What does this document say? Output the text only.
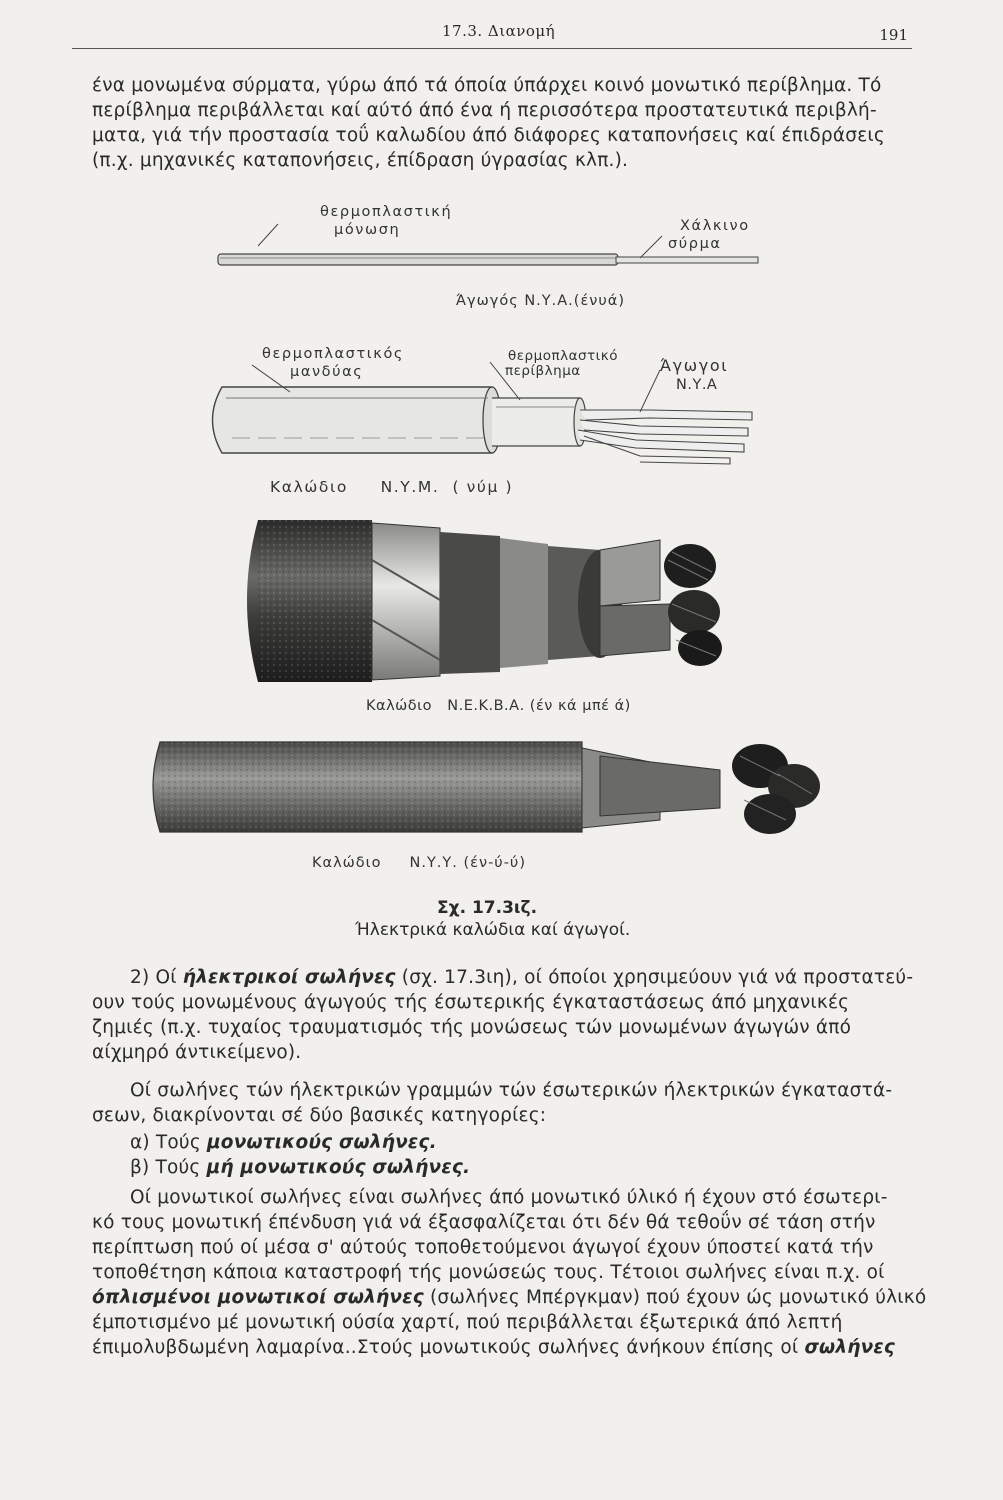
17.3. Διανομή	191
ένα μονωμένα σύρματα, γύρω άπό τά όποία ύπάρχει κοινό μονωτικό περίβλημα. Τό
περίβλημα περιβάλλεται καί αύτό άπό ένα ή περισσότερα προστατευτικά περιβλή-
ματα, γιά τήν προστασία τοΰ καλωδίου άπό διάφορες καταπονήσεις καί έπιδράσεις
(π.χ. μηχανικές καταπονήσεις, έπίδραση ύγρασίας κλπ.).
θερμοπλαστική
μόνωση	Χάλκινο
σύρμα
Άγωγός Ν.Υ.Α.(ένυά)
θερμοπλαστικός
μανδύας
θερμοπλαστικό
περίβλημα	Άγωγοι
Ν.Υ.Α
Καλώδιο     Ν.Υ.Μ.  ( νύμ )
Καλώδιο   Ν.Ε.Κ.Β.Α. (έν κά μπέ ά)
Καλώδιο     Ν.Υ.Υ. (έν-ύ-ύ)
Σχ. 17.3ιζ.
Ήλεκτρικά καλώδια καί άγωγοί.
2) Οί ήλεκτρικοί σωλήνες (σχ. 17.3ιη), οί όποίοι χρησιμεύουν γιά νά προστατεύ-
ουν τούς μονωμένους άγωγούς τής έσωτερικής έγκαταστάσεως άπό μηχανικές
ζημιές (π.χ. τυχαίος τραυματισμός τής μονώσεως τών μονωμένων άγωγών άπό
αίχμηρό άντικείμενο).
Οί σωλήνες τών ήλεκτρικών γραμμών τών έσωτερικών ήλεκτρικών έγκαταστά-
σεων, διακρίνονται σέ δύο βασικές κατηγορίες:
α) Τούς μονωτικούς σωλήνες.
β) Τούς μή μονωτικούς σωλήνες.
Οί μονωτικοί σωλήνες είναι σωλήνες άπό μονωτικό ύλικό ή έχουν στό έσωτερι-
κό τους μονωτική έπένδυση γιά νά έξασφαλίζεται ότι δέν θά τεθοΰν σέ τάση στήν
περίπτωση πού οί μέσα σ' αύτούς τοποθετούμενοι άγωγοί έχουν ύποστεί κατά τήν
τοποθέτηση κάποια καταστροφή τής μονώσεώς τους. Τέτοιοι σωλήνες είναι π.χ. οί
όπλισμένοι μονωτικοί σωλήνες (σωλήνες Μπέργκμαν) πού έχουν ώς μονωτικό ύλικό
έμποτισμένο μέ μονωτική ούσία χαρτί, πού περιβάλλεται έξωτερικά άπό λεπτή
έπιμολυβδωμένη λαμαρίνα..Στούς μονωτικούς σωλήνες άνήκουν έπίσης οί σωλήνες
